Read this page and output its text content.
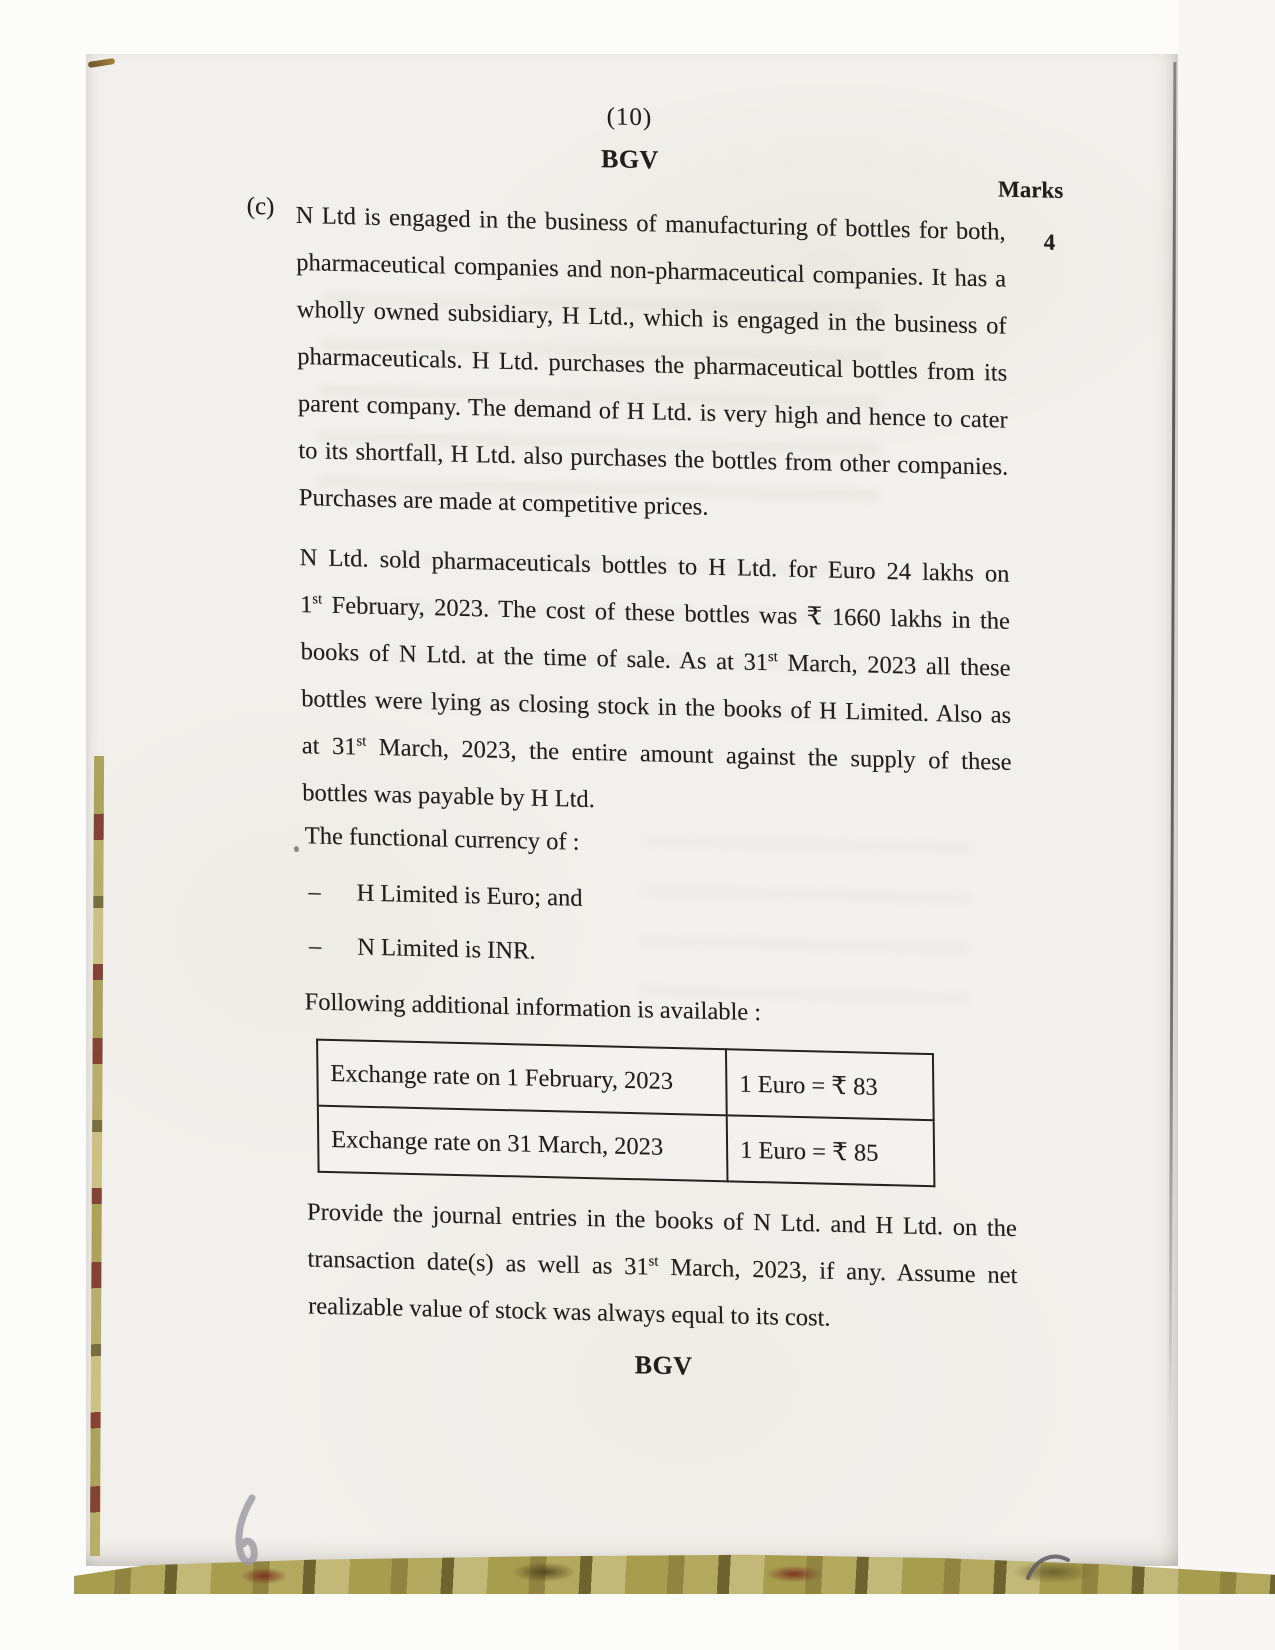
(10)
BGV
Marks
4
(c) N Ltd is engaged in the business of manufacturing of bottles for both,
pharmaceutical companies and non-pharmaceutical companies. It has a
wholly owned subsidiary, H Ltd., which is engaged in the business of
pharmaceuticals. H Ltd. purchases the pharmaceutical bottles from its
parent company. The demand of H Ltd. is very high and hence to cater
to its shortfall, H Ltd. also purchases the bottles from other companies.
Purchases are made at competitive prices.
N Ltd. sold pharmaceuticals bottles to H Ltd. for Euro 24 lakhs on
1st February, 2023. The cost of these bottles was ₹ 1660 lakhs in the
books of N Ltd. at the time of sale. As at 31st March, 2023 all these
bottles were lying as closing stock in the books of H Limited. Also as
at 31st March, 2023, the entire amount against the supply of these
bottles was payable by H Ltd.
The functional currency of :
– H Limited is Euro; and
– N Limited is INR.
Following additional information is available :
Exchange rate on 1 February, 2023	1 Euro = ₹ 83
Exchange rate on 31 March, 2023	1 Euro = ₹ 85
Provide the journal entries in the books of N Ltd. and H Ltd. on the
transaction date(s) as well as 31st March, 2023, if any. Assume net
realizable value of stock was always equal to its cost.
BGV
